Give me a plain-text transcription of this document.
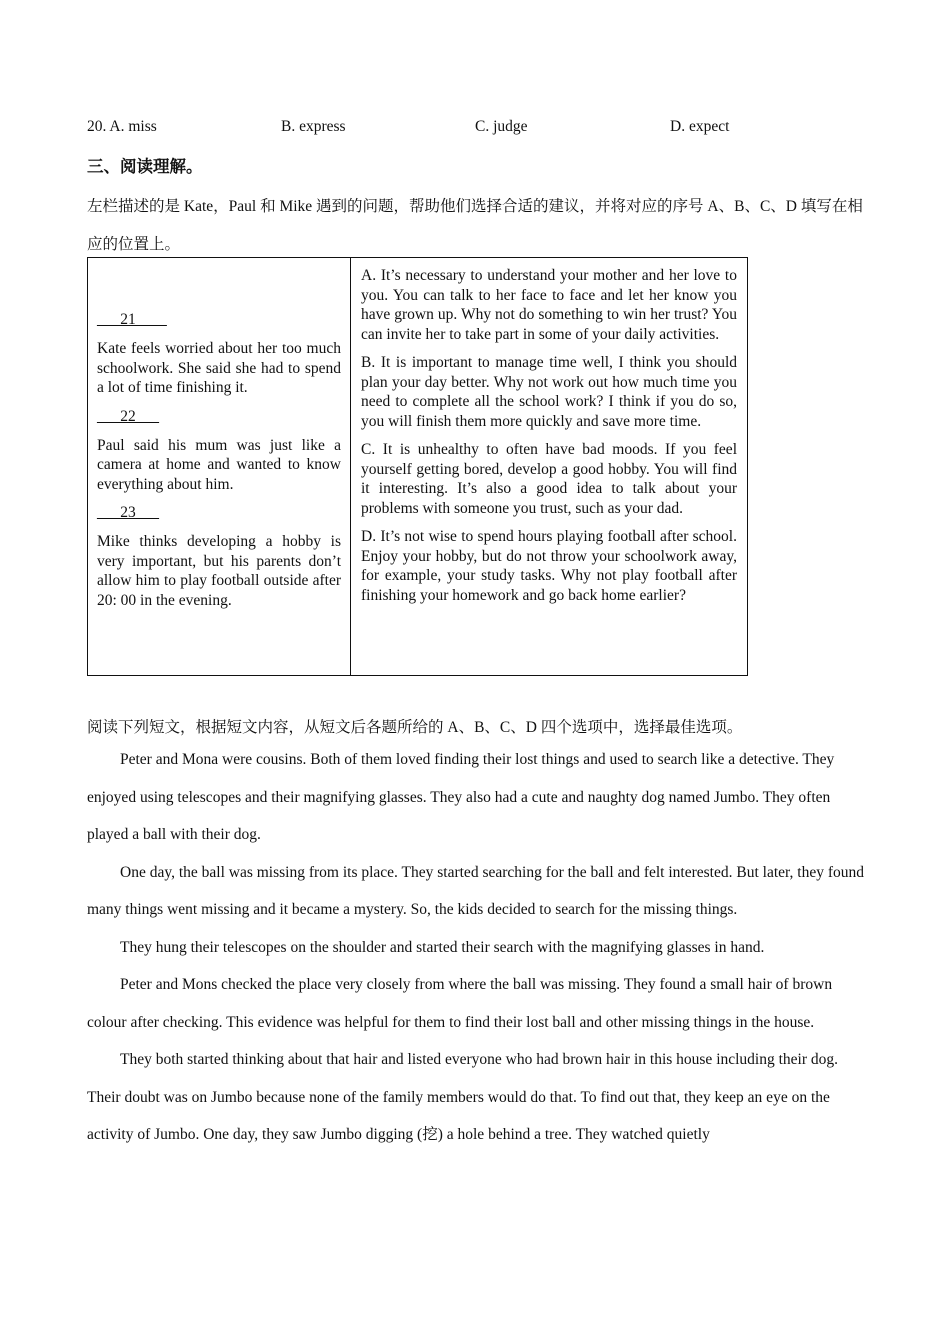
20. A. miss	B. express	C. judge	D. expect
三、阅读理解。
左栏描述的是 Kate，Paul 和 Mike 遇到的问题，帮助他们选择合适的建议，并将对应的序号 A、B、C、D 填写在相应的位置上。
___21____
Kate feels worried about her too much schoolwork. She said she had to spend a lot of time finishing it.
___22___
Paul said his mum was just like a camera at home and wanted to know everything about him.
___23___
Mike thinks developing a hobby is very important, but his parents don’t allow him to play football outside after 20: 00 in the evening.

A. It’s necessary to understand your mother and her love to you. You can talk to her face to face and let her know you have grown up. Why not do something to win her trust? You can invite her to take part in some of your daily activities.
B. It is important to manage time well, I think you should plan your day better. Why not work out how much time you need to complete all the school work? I think if you do so, you will finish them more quickly and save more time.
C. It is unhealthy to often have bad moods. If you feel yourself getting bored, develop a good hobby. You will find it interesting. It’s also a good idea to talk about your problems with someone you trust, such as your dad.
D. It’s not wise to spend hours playing football after school. Enjoy your hobby, but do not throw your schoolwork away, for example, your study tasks. Why not play football after finishing your homework and go back home earlier?
阅读下列短文，根据短文内容，从短文后各题所给的 A、B、C、D 四个选项中，选择最佳选项。

Peter and Mona were cousins. Both of them loved finding their lost things and used to search like a detective. They enjoyed using telescopes and their magnifying glasses. They also had a cute and naughty dog named Jumbo. They often played a ball with their dog.

One day, the ball was missing from its place. They started searching for the ball and felt interested. But later, they found many things went missing and it became a mystery. So, the kids decided to search for the missing things.

They hung their telescopes on the shoulder and started their search with the magnifying glasses in hand.

Peter and Mons checked the place very closely from where the ball was missing. They found a small hair of brown colour after checking. This evidence was helpful for them to find their lost ball and other missing things in the house.

They both started thinking about that hair and listed everyone who had brown hair in this house including their dog. Their doubt was on Jumbo because none of the family members would do that. To find out that, they keep an eye on the activity of Jumbo. One day, they saw Jumbo digging (挖) a hole behind a tree. They watched quietly
